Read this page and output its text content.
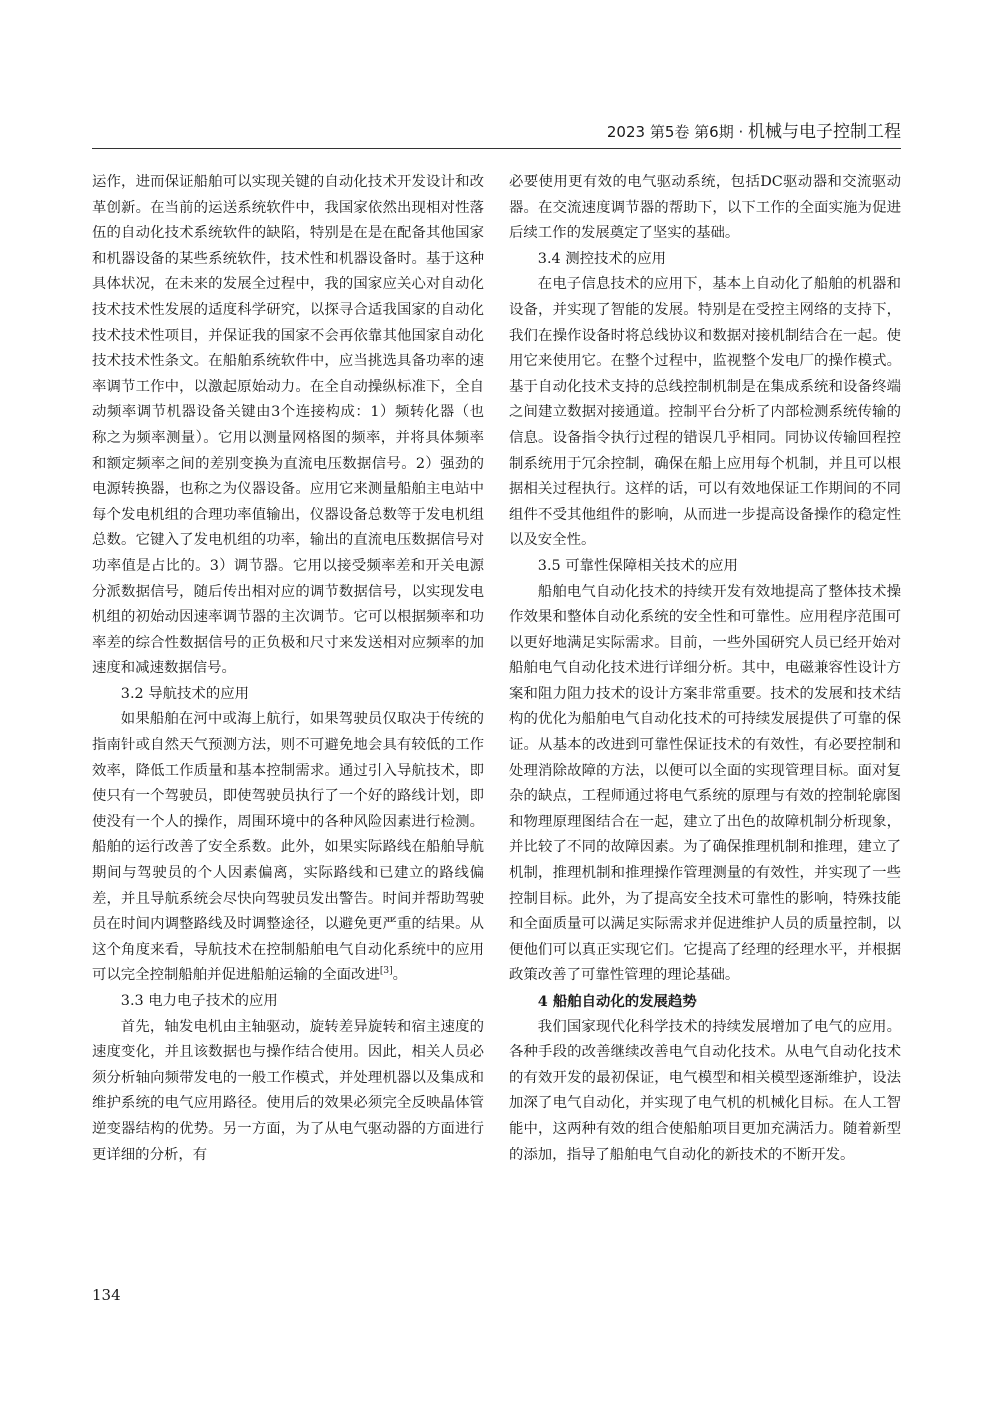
2023 第5卷 第6期 · 机械与电子控制工程

运作，进而保证船舶可以实现关键的自动化技术开发设计和改革创新。在当前的运送系统软件中，我国家依然出现相对性落伍的自动化技术系统软件的缺陷，特别是在是在配备其他国家和机器设备的某些系统软件，技术性和机器设备时。基于这种具体状况，在未来的发展全过程中，我的国家应关心对自动化技术技术性发展的适度科学研究，以探寻合适我国家的自动化技术技术性项目，并保证我的国家不会再依靠其他国家自动化技术技术性条文。在船舶系统软件中，应当挑选具备功率的速率调节工作中，以激起原始动力。在全自动操纵标准下，全自动频率调节机器设备关键由3个连接构成：1）频转化器（也称之为频率测量）。它用以测量网格图的频率，并将具体频率和额定频率之间的差别变换为直流电压数据信号。2）强劲的电源转换器，也称之为仪器设备。应用它来测量船舶主电站中每个发电机组的合理功率值输出，仪器设备总数等于发电机组总数。它键入了发电机组的功率，输出的直流电压数据信号对功率值是占比的。3）调节器。它用以接受频率差和开关电源分派数据信号，随后传出相对应的调节数据信号，以实现发电机组的初始动因速率调节器的主次调节。它可以根据频率和功率差的综合性数据信号的正负极和尺寸来发送相对应频率的加速度和减速数据信号。

3.2 导航技术的应用

如果船舶在河中或海上航行，如果驾驶员仅取决于传统的指南针或自然天气预测方法，则不可避免地会具有较低的工作效率，降低工作质量和基本控制需求。通过引入导航技术，即使只有一个驾驶员，即使驾驶员执行了一个好的路线计划，即使没有一个人的操作，周围环境中的各种风险因素进行检测。船舶的运行改善了安全系数。此外，如果实际路线在船舶导航期间与驾驶员的个人因素偏离，实际路线和已建立的路线偏差，并且导航系统会尽快向驾驶员发出警告。时间并帮助驾驶员在时间内调整路线及时调整途径，以避免更严重的结果。从这个角度来看，导航技术在控制船舶电气自动化系统中的应用可以完全控制船舶并促进船舶运输的全面改进[3]。

3.3 电力电子技术的应用

首先，轴发电机由主轴驱动，旋转差异旋转和宿主速度的速度变化，并且该数据也与操作结合使用。因此，相关人员必须分析轴向频带发电的一般工作模式，并处理机器以及集成和维护系统的电气应用路径。使用后的效果必须完全反映晶体管逆变器结构的优势。另一方面，为了从电气驱动器的方面进行更详细的分析，有

必要使用更有效的电气驱动系统，包括DC驱动器和交流驱动器。在交流速度调节器的帮助下，以下工作的全面实施为促进后续工作的发展奠定了坚实的基础。

3.4 测控技术的应用

在电子信息技术的应用下，基本上自动化了船舶的机器和设备，并实现了智能的发展。特别是在受控主网络的支持下，我们在操作设备时将总线协议和数据对接机制结合在一起。使用它来使用它。在整个过程中，监视整个发电厂的操作模式。基于自动化技术支持的总线控制机制是在集成系统和设备终端之间建立数据对接通道。控制平台分析了内部检测系统传输的信息。设备指令执行过程的错误几乎相同。同协议传输回程控制系统用于冗余控制，确保在船上应用每个机制，并且可以根据相关过程执行。这样的话，可以有效地保证工作期间的不同组件不受其他组件的影响，从而进一步提高设备操作的稳定性以及安全性。

3.5 可靠性保障相关技术的应用

船舶电气自动化技术的持续开发有效地提高了整体技术操作效果和整体自动化系统的安全性和可靠性。应用程序范围可以更好地满足实际需求。目前，一些外国研究人员已经开始对船舶电气自动化技术进行详细分析。其中，电磁兼容性设计方案和阻力阻力技术的设计方案非常重要。技术的发展和技术结构的优化为船舶电气自动化技术的可持续发展提供了可靠的保证。从基本的改进到可靠性保证技术的有效性，有必要控制和处理消除故障的方法，以便可以全面的实现管理目标。面对复杂的缺点，工程师通过将电气系统的原理与有效的控制轮廓图和物理原理图结合在一起，建立了出色的故障机制分析现象，并比较了不同的故障因素。为了确保推理机制和推理，建立了机制，推理机制和推理操作管理测量的有效性，并实现了一些控制目标。此外，为了提高安全技术可靠性的影响，特殊技能和全面质量可以满足实际需求并促进维护人员的质量控制，以便他们可以真正实现它们。它提高了经理的经理水平，并根据政策改善了可靠性管理的理论基础。

4 船舶自动化的发展趋势

我们国家现代化科学技术的持续发展增加了电气的应用。各种手段的改善继续改善电气自动化技术。从电气自动化技术的有效开发的最初保证，电气模型和相关模型逐渐维护，设法加深了电气自动化，并实现了电气机的机械化目标。在人工智能中，这两种有效的组合使船舶项目更加充满活力。随着新型的添加，指导了船舶电气自动化的新技术的不断开发。

134
